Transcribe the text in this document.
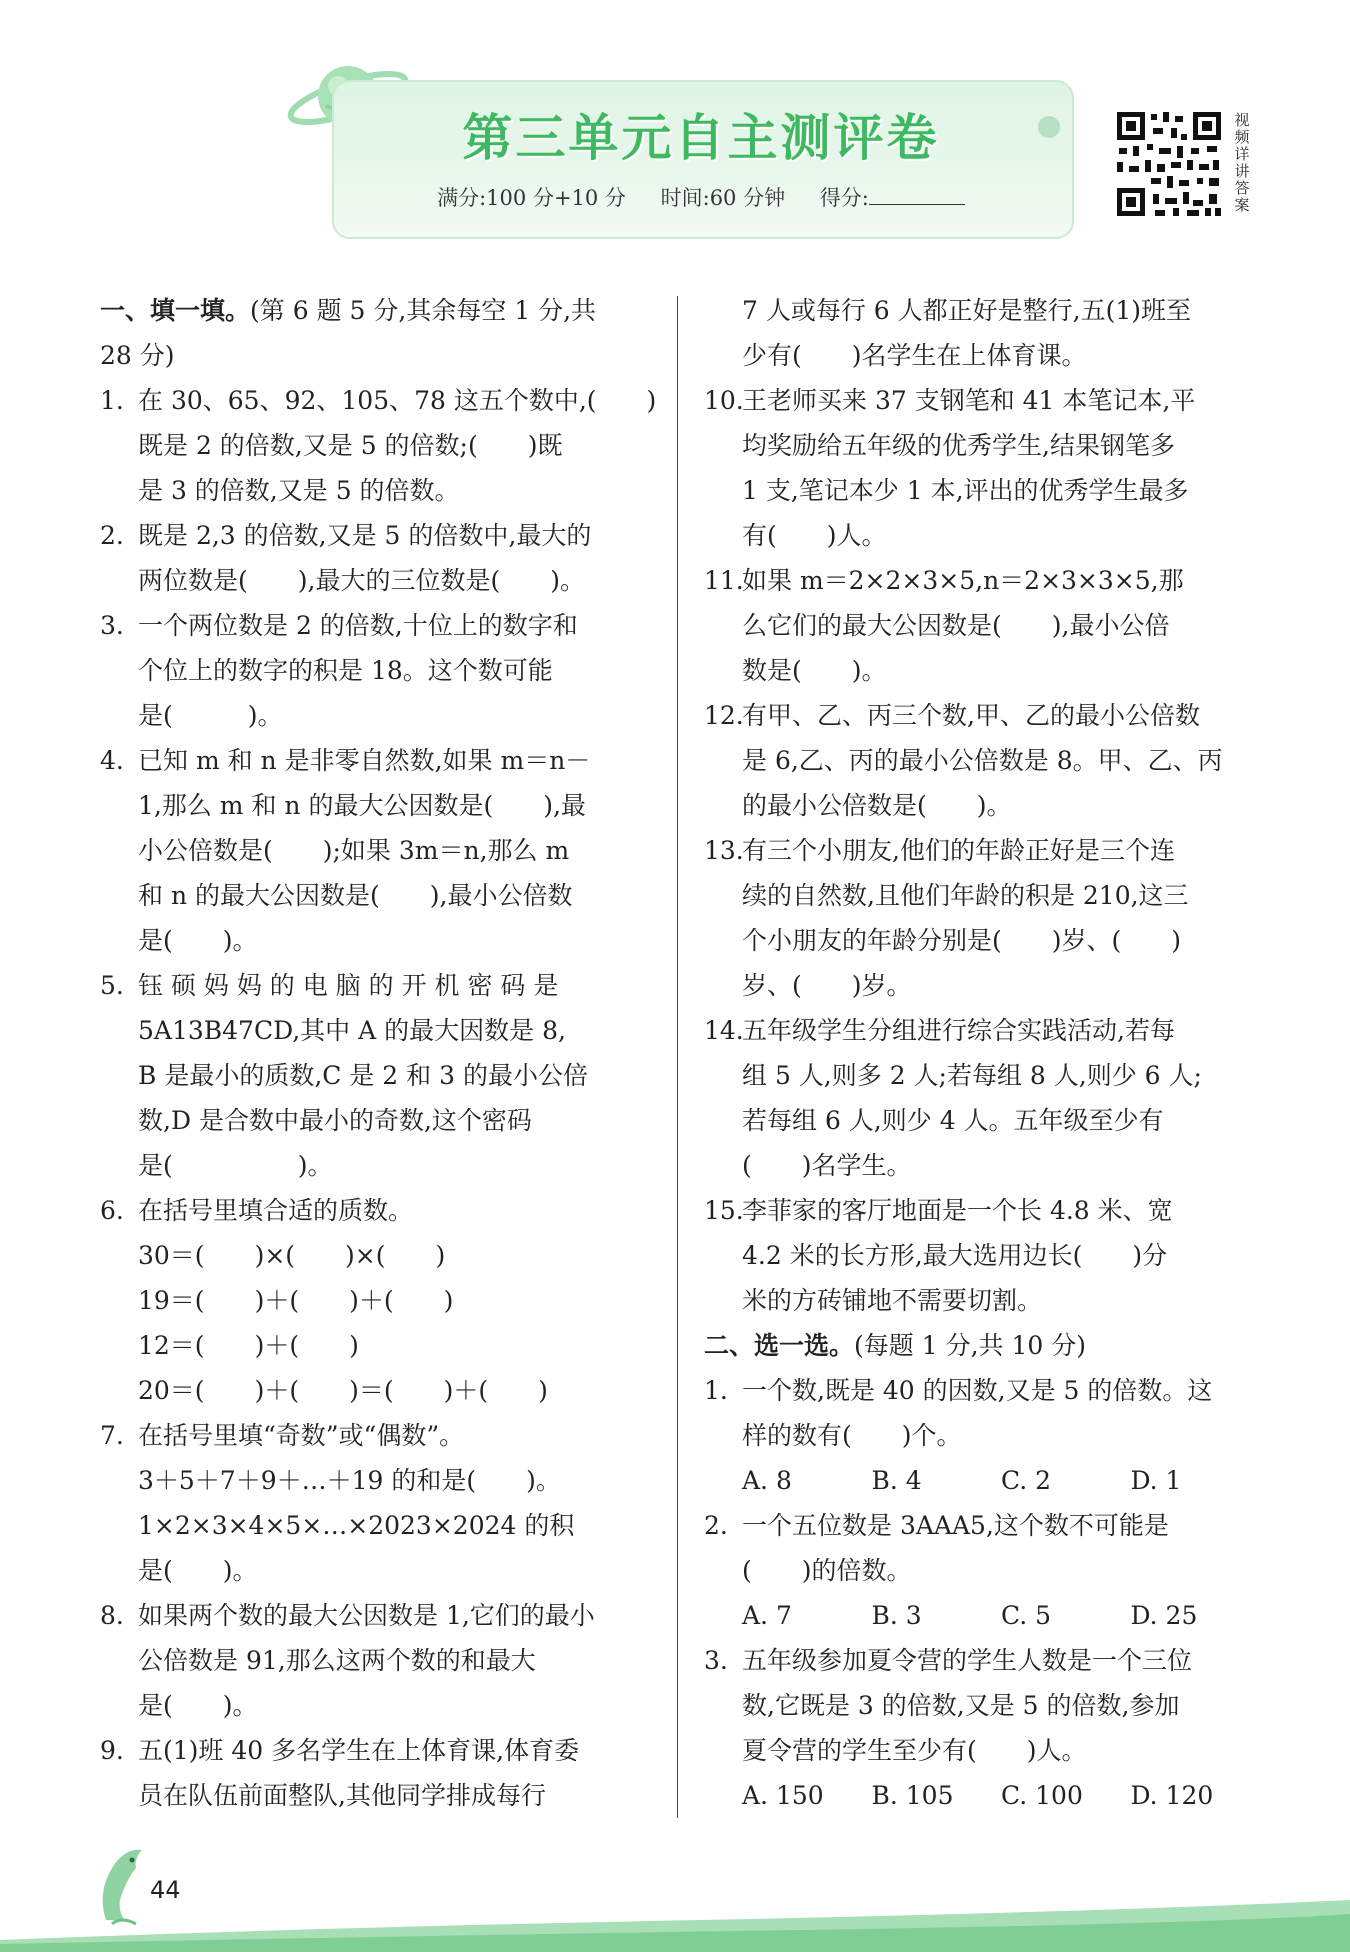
第三单元自主测评卷
满分:100 分+10 分 时间:60 分钟 得分:
视频详讲答案
一、填一填。(第 6 题 5 分,其余每空 1 分,共
28 分)
1. 在 30、65、92、105、78 这五个数中,(　　)
既是 2 的倍数,又是 5 的倍数;(　　)既
是 3 的倍数,又是 5 的倍数。
2. 既是 2,3 的倍数,又是 5 的倍数中,最大的
两位数是(　　),最大的三位数是(　　)。
3. 一个两位数是 2 的倍数,十位上的数字和
个位上的数字的积是 18。这个数可能
是(　　　)。
4. 已知 m 和 n 是非零自然数,如果 m＝n－
1,那么 m 和 n 的最大公因数是(　　),最
小公倍数是(　　);如果 3m＝n,那么 m
和 n 的最大公因数是(　　),最小公倍数
是(　　)。
5. 钰 硕 妈 妈 的 电 脑 的 开 机 密 码 是
5A13B47CD,其中 A 的最大因数是 8,
B 是最小的质数,C 是 2 和 3 的最小公倍
数,D 是合数中最小的奇数,这个密码
是(　　　　　)。
6. 在括号里填合适的质数。
30＝(　　)×(　　)×(　　)
19＝(　　)＋(　　)＋(　　)
12＝(　　)＋(　　)
20＝(　　)＋(　　)＝(　　)＋(　　)
7. 在括号里填“奇数”或“偶数”。
3＋5＋7＋9＋…＋19 的和是(　　)。
1×2×3×4×5×…×2023×2024 的积
是(　　)。
8. 如果两个数的最大公因数是 1,它们的最小
公倍数是 91,那么这两个数的和最大
是(　　)。
9. 五(1)班 40 多名学生在上体育课,体育委
员在队伍前面整队,其他同学排成每行
7 人或每行 6 人都正好是整行,五(1)班至
少有(　　)名学生在上体育课。
10.
王老师买来 37 支钢笔和 41 本笔记本,平
均奖励给五年级的优秀学生,结果钢笔多
1 支,笔记本少 1 本,评出的优秀学生最多
有(　　)人。
11.
如果 m＝2×2×3×5,n＝2×3×3×5,那
么它们的最大公因数是(　　),最小公倍
数是(　　)。
12.
有甲、乙、丙三个数,甲、乙的最小公倍数
是 6,乙、丙的最小公倍数是 8。甲、乙、丙
的最小公倍数是(　　)。
13.
有三个小朋友,他们的年龄正好是三个连
续的自然数,且他们年龄的积是 210,这三
个小朋友的年龄分别是(　　)岁、(　　)
岁、(　　)岁。
14.
五年级学生分组进行综合实践活动,若每
组 5 人,则多 2 人;若每组 8 人,则少 6 人;
若每组 6 人,则少 4 人。五年级至少有
(　　)名学生。
15.
李菲家的客厅地面是一个长 4.8 米、宽
4.2 米的长方形,最大选用边长(　　)分
米的方砖铺地不需要切割。
二、选一选。(每题 1 分,共 10 分)
1. 一个数,既是 40 的因数,又是 5 的倍数。这
样的数有(　　)个。
A. 8	B. 4	C. 2	D. 1
2. 一个五位数是 3AAA5,这个数不可能是
(　　)的倍数。
A. 7	B. 3	C. 5	D. 25
3. 五年级参加夏令营的学生人数是一个三位
数,它既是 3 的倍数,又是 5 的倍数,参加
夏令营的学生至少有(　　)人。
A. 150	B. 105	C. 100	D. 120
44
